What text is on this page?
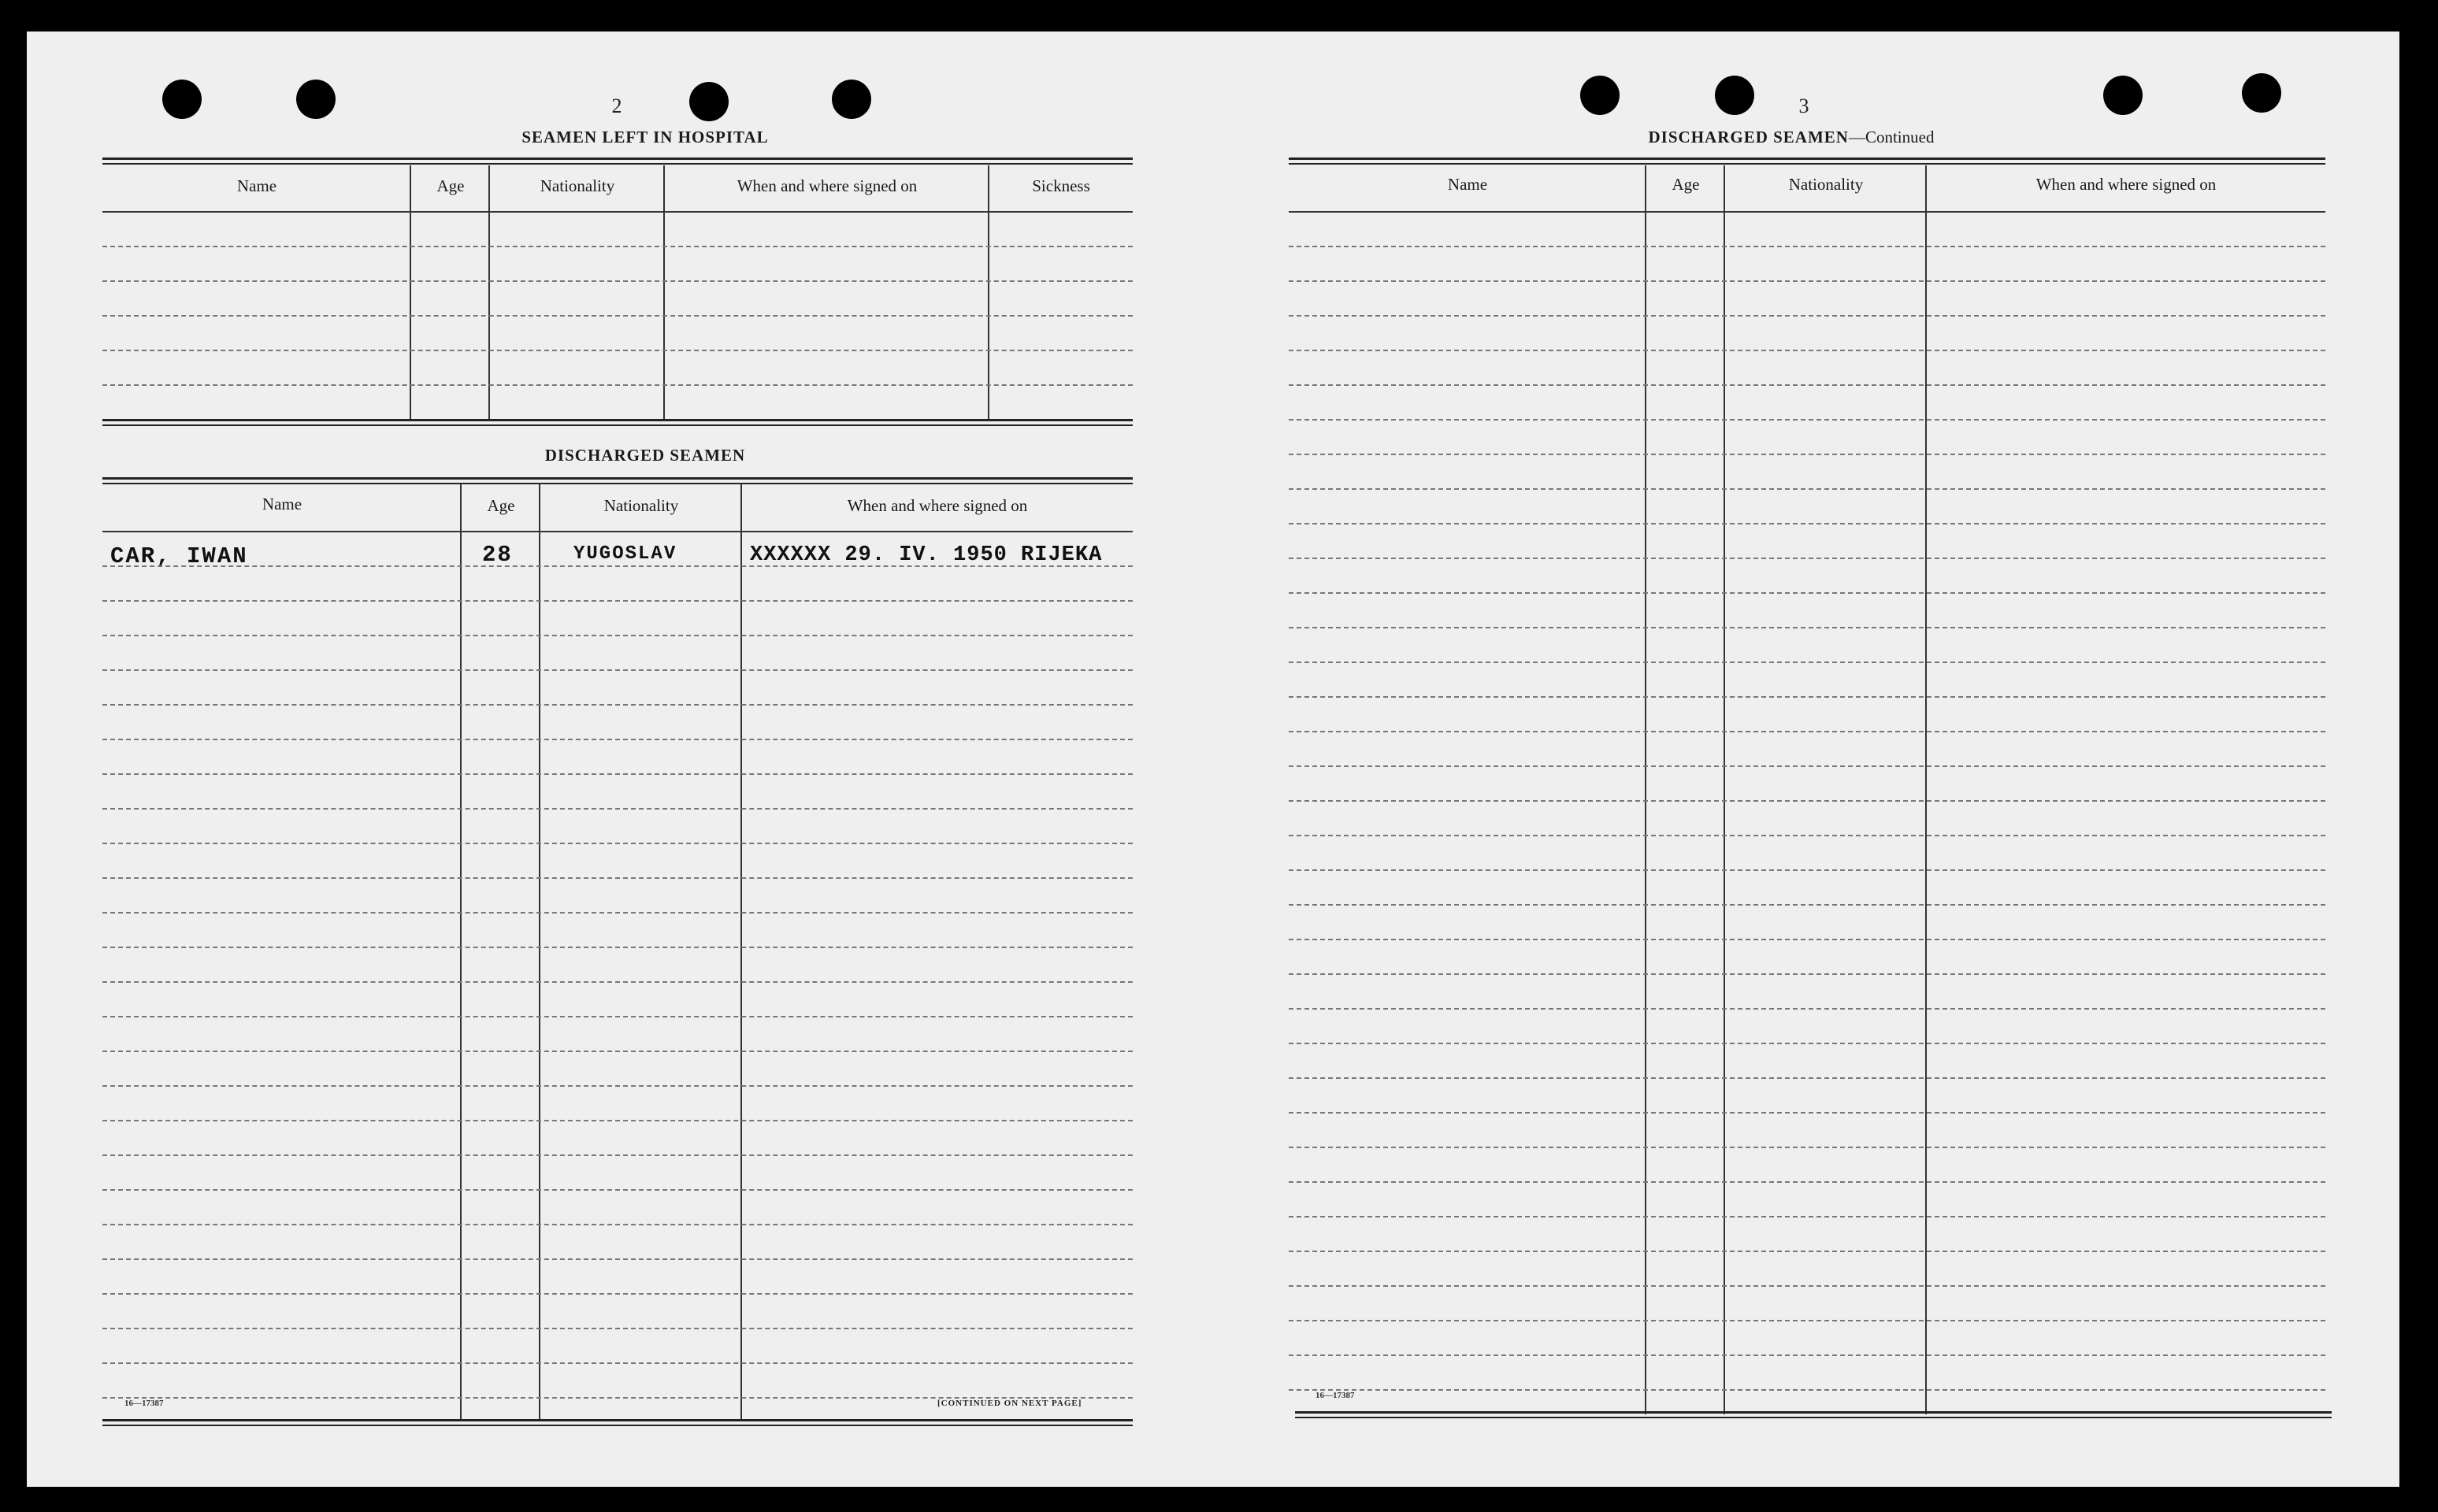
2
SEAMEN LEFT IN HOSPITAL
Name	Age	Nationality	When and where signed on	Sickness
DISCHARGED SEAMEN
Name	Age	Nationality	When and where signed on
CAR, IWAN	28	YUGOSLAV	XXXXXX 29. IV. 1950 RIJEKA
16—17387	[CONTINUED ON NEXT PAGE]
3
DISCHARGED SEAMEN—Continued
Name	Age	Nationality	When and where signed on
16—17387
